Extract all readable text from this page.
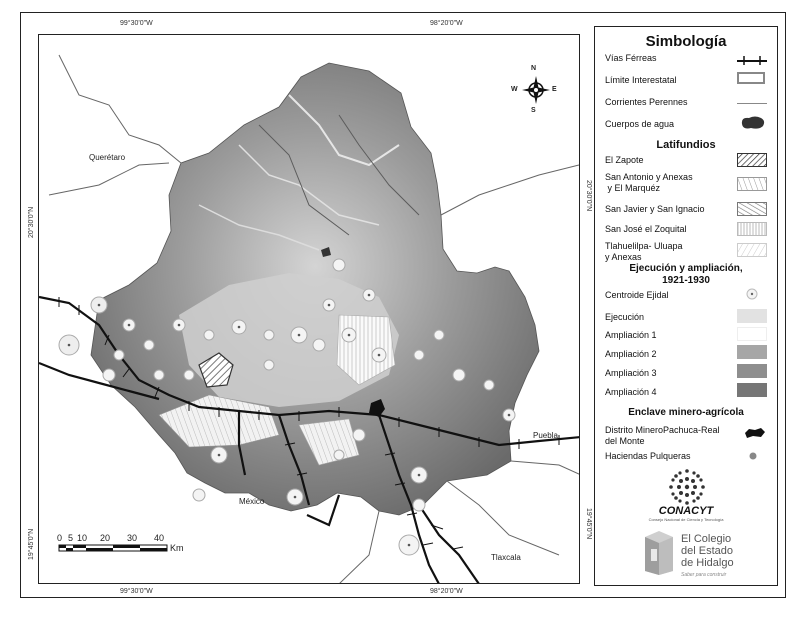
99°30'0"W	98°20'0"W
99°30'0"W	98°20'0"W
20°30'0"N
19°45'0"N
20°30'0"N
19°45'0"N
N
S
E
W
Querétaro
Puebla
México
Tlaxcala
0 5 10 20 30 40
Km
Simbología
Vías Férreas
Límite Interestatal
Corrientes Perennes
Cuerpos de agua
Latifundios
El Zapote
San Antonio y Anexas
y El Marquéz
San Javier y San Ignacio
San José el Zoquital
Tlahuelilpa- Uluapa
y Anexas
Ejecución y ampliación,
1921-1930
Centroide Ejidal
Ejecución
Ampliación 1
Ampliación 2
Ampliación 3
Ampliación 4
Enclave minero-agrícola
Distrito MineroPachuca-Real
del Monte
Haciendas Pulqueras
CONACYT
Consejo Nacional de Ciencia y Tecnología
El Colegio
del Estado
de Hidalgo
Saber para construir
